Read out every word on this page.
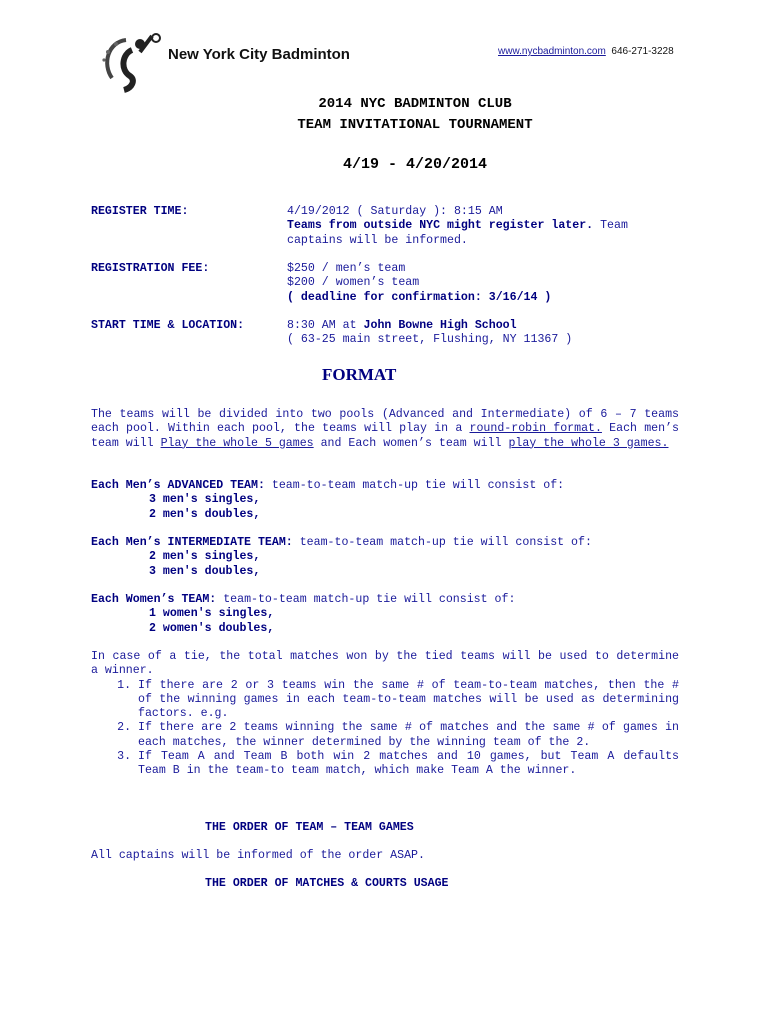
New York City Badminton	www.nycbadminton.com 646-271-3228
2014 NYC BADMINTON CLUB
TEAM INVITATIONAL TOURNAMENT
4/19 - 4/20/2014
REGISTER TIME:	4/19/2012 ( Saturday ): 8:15 AM
Teams from outside NYC might register later. Team
captains will be informed.
REGISTRATION FEE:	$250 / men’s team
$200 / women’s team
( deadline for confirmation: 3/16/14 )
START TIME & LOCATION:	8:30 AM at John Bowne High School
( 63-25 main street, Flushing, NY 11367 )
FORMAT
The teams will be divided into two pools (Advanced and Intermediate) of 6 – 7 teams each pool. Within each pool, the teams will play in a round-robin format. Each men’s team will Play the whole 5 games and Each women’s team will play the whole 3 games.
Each Men’s ADVANCED TEAM: team-to-team match-up tie will consist of:
3 men's singles,
2 men's doubles,
Each Men’s INTERMEDIATE TEAM: team-to-team match-up tie will consist of:
2 men's singles,
3 men's doubles,
Each Women’s TEAM: team-to-team match-up tie will consist of:
1 women's singles,
2 women's doubles,
In case of a tie, the total matches won by the tied teams will be used to determine a winner.
1. If there are 2 or 3 teams win the same # of team-to-team matches, then the # of the winning games in each team-to-team matches will be used as determining factors. e.g.
2. If there are 2 teams winning the same # of matches and the same # of games in each matches, the winner determined by the winning team of the 2.
3. If Team A and Team B both win 2 matches and 10 games, but Team A defaults Team B in the team-to team match, which make Team A the winner.
THE ORDER OF TEAM – TEAM GAMES
All captains will be informed of the order ASAP.
THE ORDER OF MATCHES & COURTS USAGE
